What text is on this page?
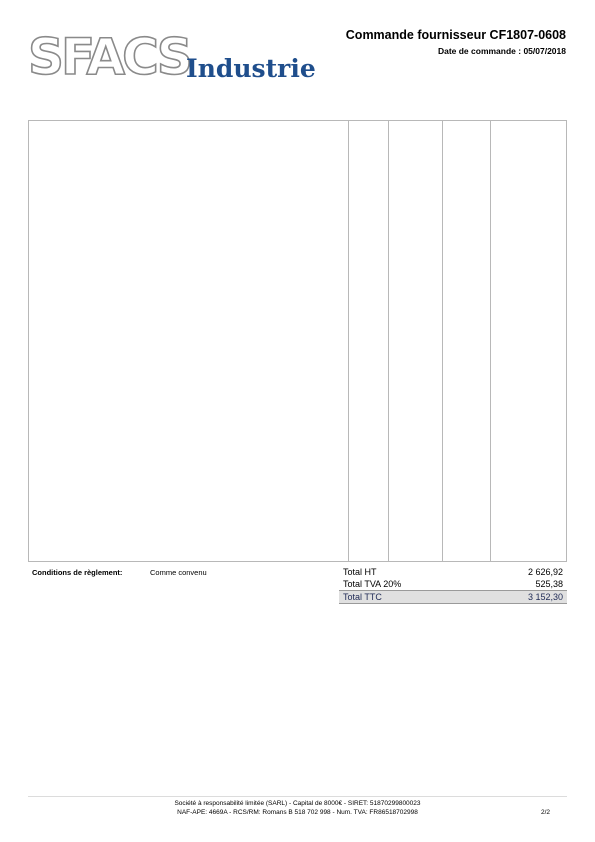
SFACS
Industrie
Commande fournisseur CF1807-0608
Date de commande : 05/07/2018
Conditions de règlement:	Comme convenu	Total HT	2 626,92
Total TVA 20%	525,38
Total TTC	3 152,30
Société à responsabilité limitée (SARL) - Capital de 8000€ - SIRET: 51870299800023
NAF-APE: 4669A - RCS/RM: Romans B 518 702 998 - Num. TVA: FR86518702998	2/2
